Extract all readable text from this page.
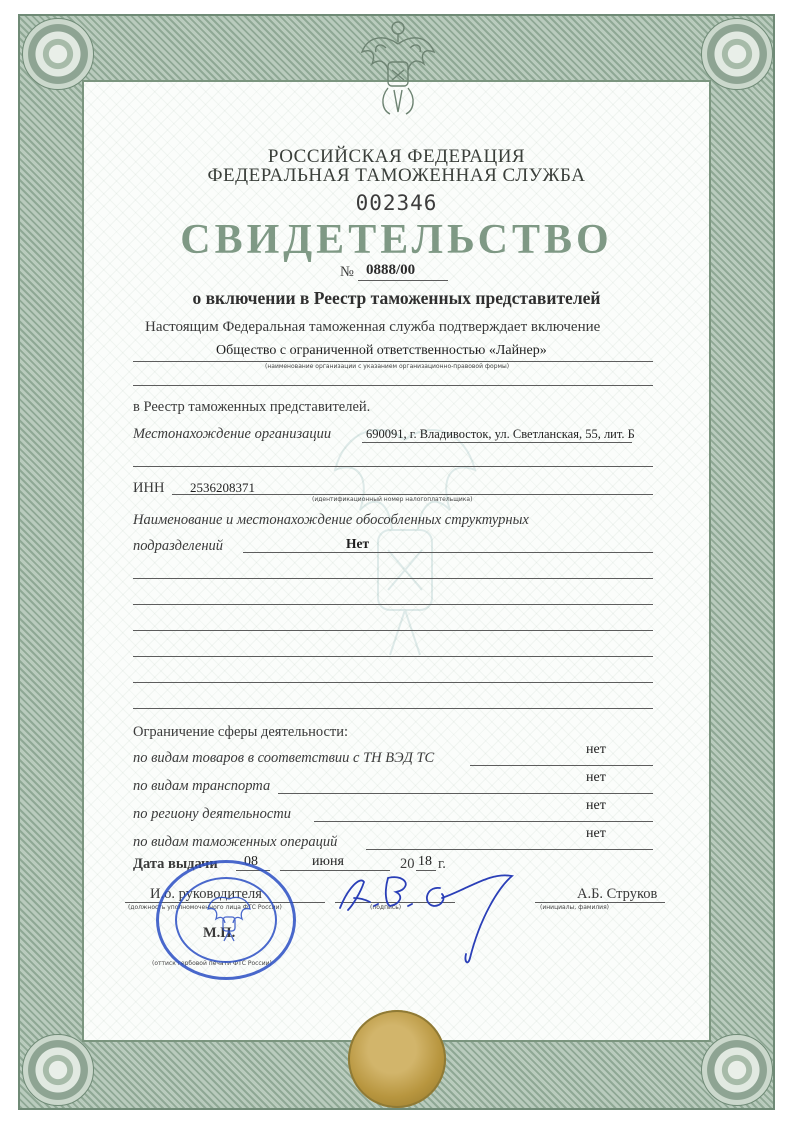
РОССИЙСКАЯ ФЕДЕРАЦИЯ
ФЕДЕРАЛЬНАЯ ТАМОЖЕННАЯ СЛУЖБА
002346
СВИДЕТЕЛЬСТВО
№ 0888/00
о включении в Реестр таможенных представителей
Настоящим Федеральная таможенная служба подтверждает включение
Общество с ограниченной ответственностью «Лайнер»
(наименование организации с указанием организационно-правовой формы)
в Реестр таможенных представителей.
Местонахождение организации	690091, г. Владивосток, ул. Светланская, 55, лит. Б
ИНН 2536208371
(идентификационный номер налогоплательщика)
Наименование и местонахождение обособленных структурных
подразделений	Нет
Ограничение сферы деятельности:
по видам товаров в соответствии с ТН ВЭД ТС
нет
по видам транспорта
нет
по региону деятельности
нет
по видам таможенных операций
нет
Дата выдачи 08	июня	20 18 г.
И.о. руководителя
(должность уполномоченного лица ФТС России)	(подпись)
А.Б. Струков
(инициалы, фамилия)
М.П.
(оттиск гербовой печати ФТС России)
